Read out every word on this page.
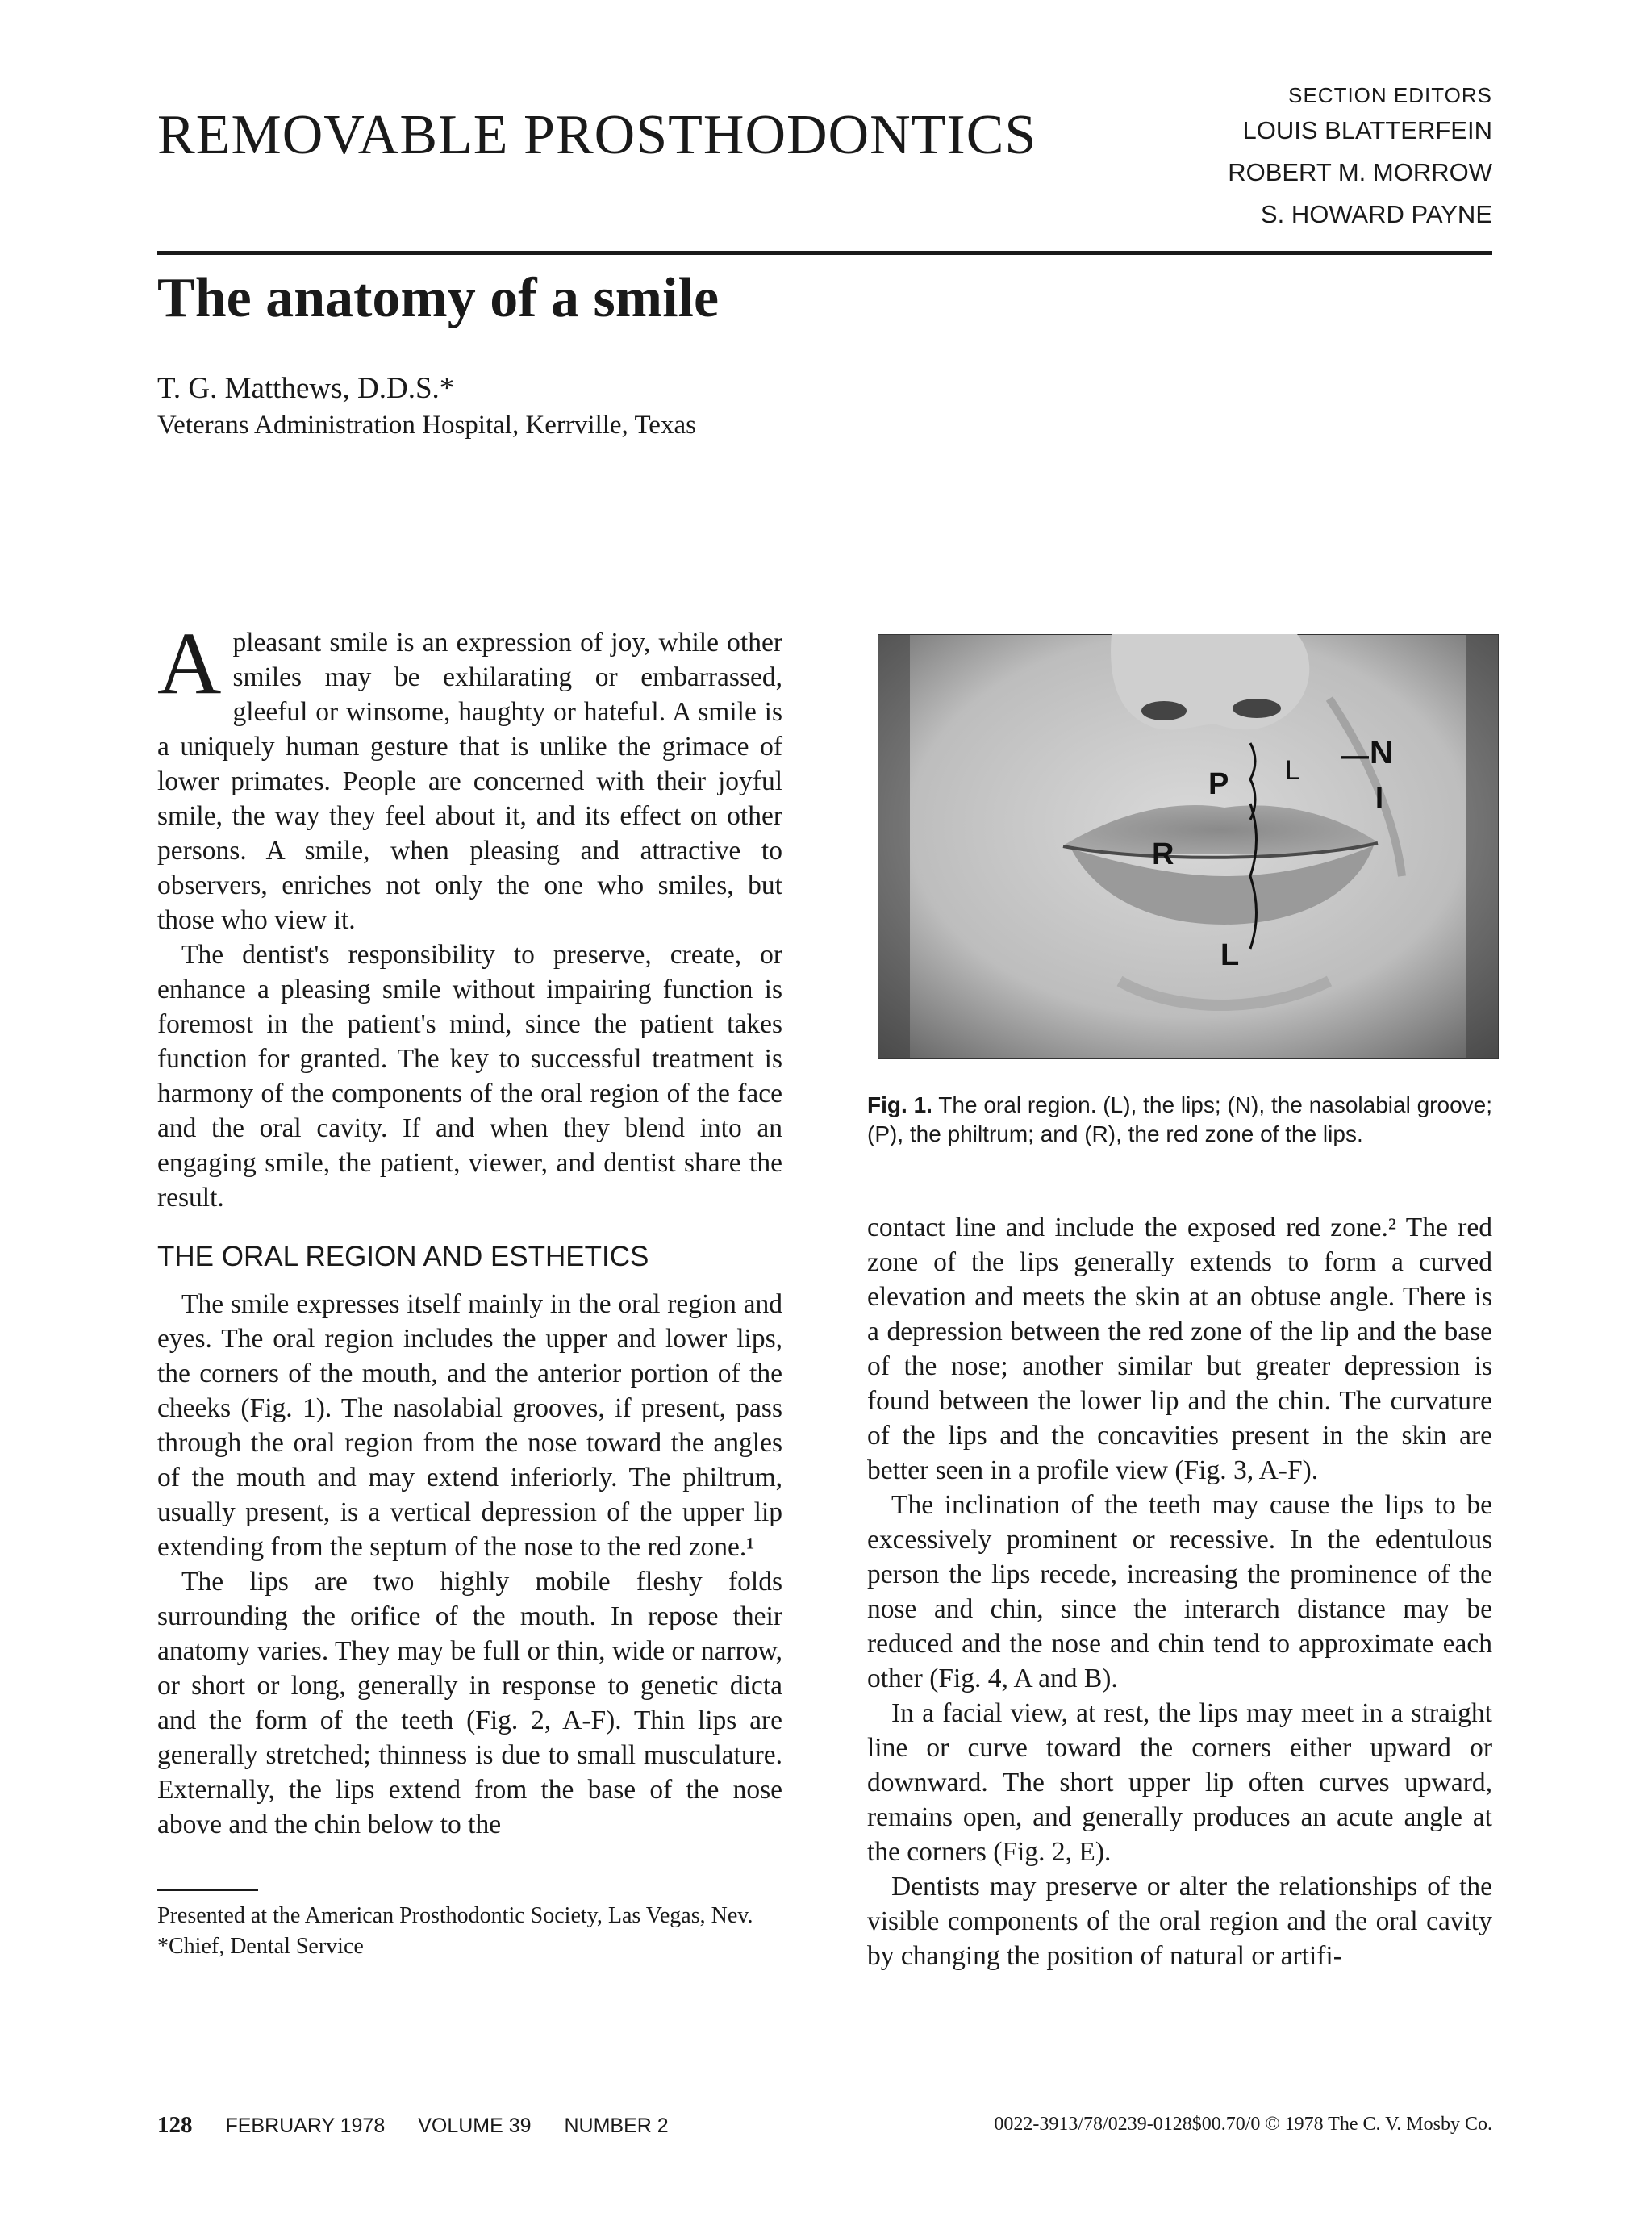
REMOVABLE PROSTHODONTICS
SECTION EDITORS
LOUIS BLATTERFEIN
ROBERT M. MORROW
S. HOWARD PAYNE
The anatomy of a smile
T. G. Matthews, D.D.S.*
Veterans Administration Hospital, Kerrville, Texas

Apleasant smile is an expression of joy, while other smiles may be exhilarating or embarrassed, gleeful or winsome, haughty or hateful. A smile is a uniquely human gesture that is unlike the grimace of lower primates. People are concerned with their joyful smile, the way they feel about it, and its effect on other persons. A smile, when pleasing and attractive to observers, enriches not only the one who smiles, but those who view it.

The dentist's responsibility to preserve, create, or enhance a pleasing smile without impairing function is foremost in the patient's mind, since the patient takes function for granted. The key to successful treatment is harmony of the components of the oral region of the face and the oral cavity. If and when they blend into an engaging smile, the patient, viewer, and dentist share the result.

THE ORAL REGION AND ESTHETICS

The smile expresses itself mainly in the oral region and eyes. The oral region includes the upper and lower lips, the corners of the mouth, and the anterior portion of the cheeks (Fig. 1). The nasolabial grooves, if present, pass through the oral region from the nose toward the angles of the mouth and may extend inferiorly. The philtrum, usually present, is a vertical depression of the upper lip extending from the septum of the nose to the red zone.¹

The lips are two highly mobile fleshy folds surrounding the orifice of the mouth. In repose their anatomy varies. They may be full or thin, wide or narrow, or short or long, generally in response to genetic dicta and the form of the teeth (Fig. 2, A-F). Thin lips are generally stretched; thinness is due to small musculature. Externally, the lips extend from the base of the nose above and the chin below to the

P L — N
I
R
L
Fig. 1. The oral region. (L), the lips; (N), the nasolabial groove; (P), the philtrum; and (R), the red zone of the lips.

contact line and include the exposed red zone.² The red zone of the lips generally extends to form a curved elevation and meets the skin at an obtuse angle. There is a depression between the red zone of the lip and the base of the nose; another similar but greater depression is found between the lower lip and the chin. The curvature of the lips and the concavities present in the skin are better seen in a profile view (Fig. 3, A-F).

The inclination of the teeth may cause the lips to be excessively prominent or recessive. In the edentulous person the lips recede, increasing the prominence of the nose and chin, since the interarch distance may be reduced and the nose and chin tend to approximate each other (Fig. 4, A and B).

In a facial view, at rest, the lips may meet in a straight line or curve toward the corners either upward or downward. The short upper lip often curves upward, remains open, and generally produces an acute angle at the corners (Fig. 2, E).

Dentists may preserve or alter the relationships of the visible components of the oral region and the oral cavity by changing the position of natural or artifi-

Presented at the American Prosthodontic Society, Las Vegas, Nev.
*Chief, Dental Service
128 FEBRUARY 1978 VOLUME 39 NUMBER 2	0022-3913/78/0239-0128$00.70/0 © 1978 The C. V. Mosby Co.
